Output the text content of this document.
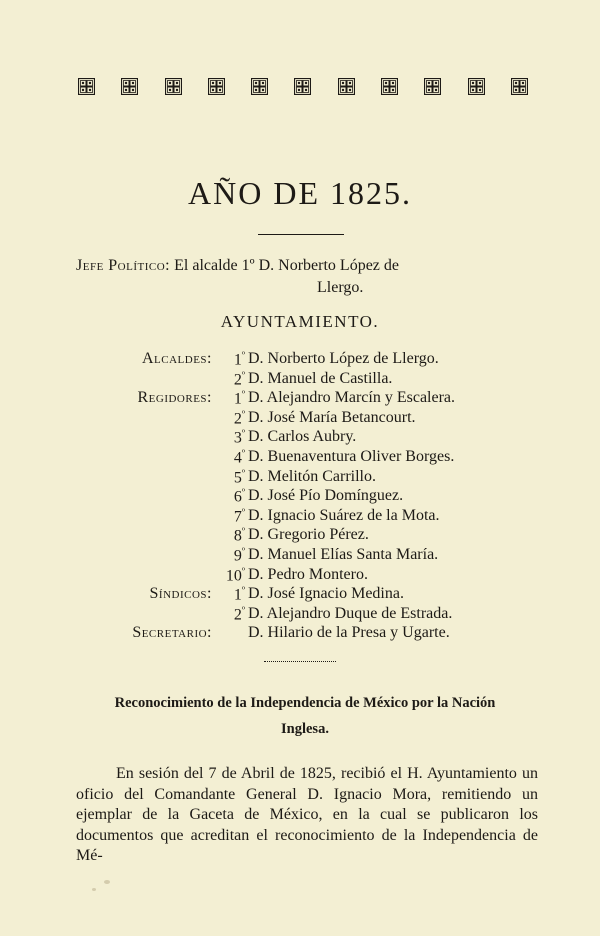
AÑO DE 1825.
Jefe Político: El alcalde 1º D. Norberto López de
Llergo.
AYUNTAMIENTO.
Alcaldes: $1^º$ D. Norberto López de Llergo.
$2^º$ D. Manuel de Castilla.
Regidores: $1^º$ D. Alejandro Marcín y Escalera.
$2^º$ D. José María Betancourt.
$3^º$ D. Carlos Aubry.
$4^º$ D. Buenaventura Oliver Borges.
$5^º$ D. Melitón Carrillo.
$6^º$ D. José Pío Domínguez.
$7^º$ D. Ignacio Suárez de la Mota.
$8^º$ D. Gregorio Pérez.
$9^º$ D. Manuel Elías Santa María.
$10^º$ D. Pedro Montero.
Síndicos: $1^º$ D. José Ignacio Medina.
$2^º$ D. Alejandro Duque de Estrada.
Secretario: D. Hilario de la Presa y Ugarte.
Reconocimiento de la Independencia de México por la Nación
Inglesa.
En sesión del 7 de Abril de 1825, recibió el H. Ayuntamiento un oficio del Comandante General D. Ignacio Mora, remitiendo un ejemplar de la Gaceta de México, en la cual se publicaron los documentos que acreditan el reconocimiento de la Independencia de Mé-
